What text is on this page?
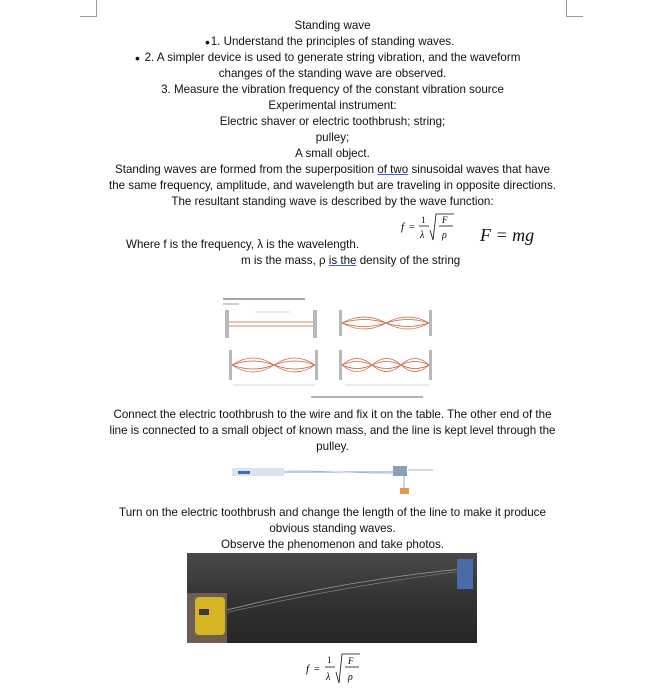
Standing wave
• 1. Understand the principles of standing waves.
• 2. A simpler device is used to generate string vibration, and the waveform
changes of the standing wave are observed.
3. Measure the vibration frequency of the constant vibration source
Experimental instrument:
Electric shaver or electric toothbrush; string;
pulley;
A small object.
Standing waves are formed from the superposition of two sinusoidal waves that have
the same frequency, amplitude, and wavelength but are traveling in opposite directions.
The resultant standing wave is described by the wave function:
f =
1
λ
F
ρ F = mg
Where f is the frequency, λ is the wavelength.
m is the mass, ρ is the density of the string
Connect the electric toothbrush to the wire and fix it on the table. The other end of the
line is connected to a small object of known mass, and the line is kept level through the
pulley.
Turn on the electric toothbrush and change the length of the line to make it produce
obvious standing waves.
Observe the phenomenon and take photos.
f =
1
λ
F
ρ
